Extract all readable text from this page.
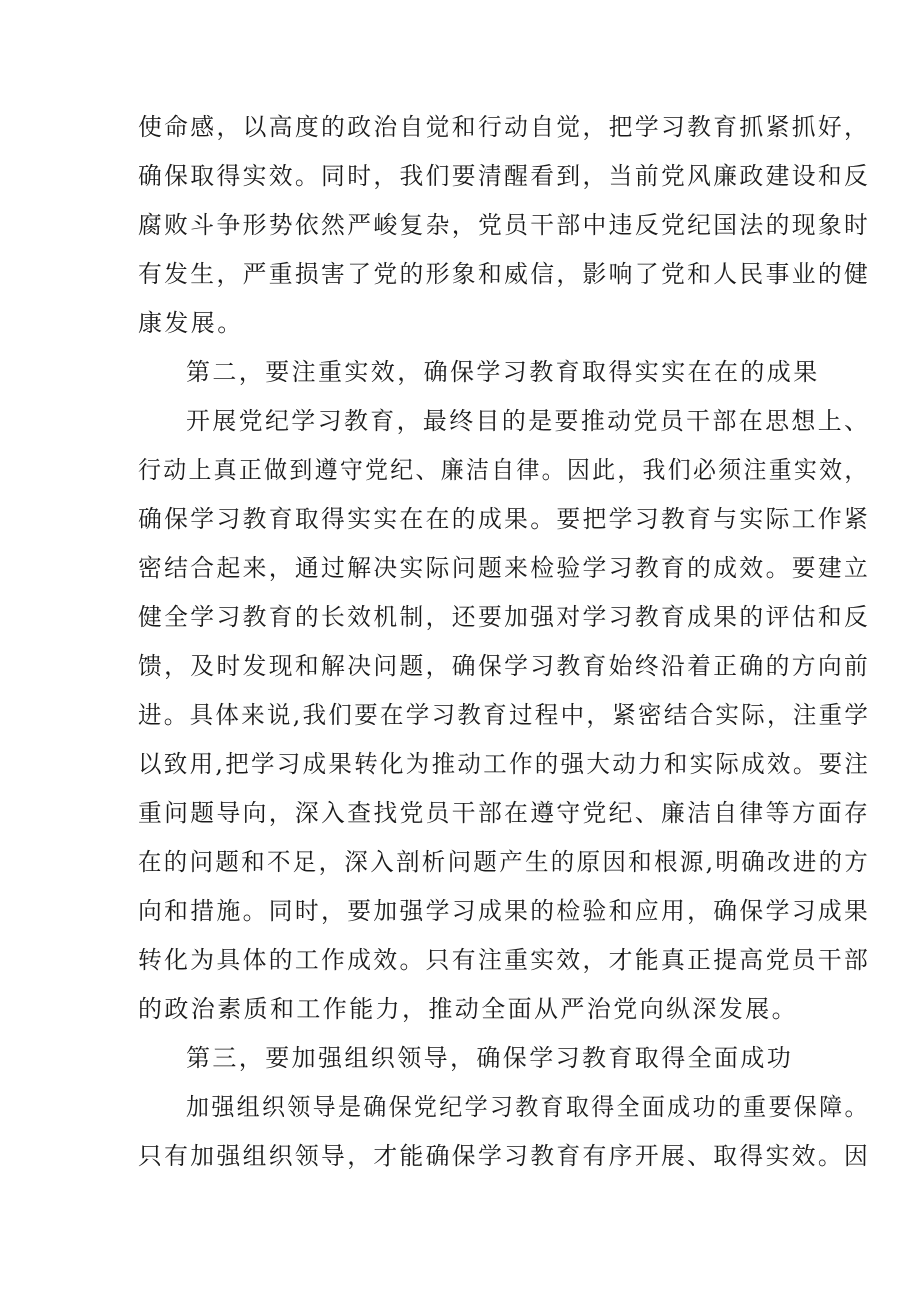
使命感，以高度的政治自觉和行动自觉，把学习教育抓紧抓好，
确保取得实效。同时，我们要清醒看到，当前党风廉政建设和反
腐败斗争形势依然严峻复杂，党员干部中违反党纪国法的现象时
有发生，严重损害了党的形象和威信，影响了党和人民事业的健
康发展。
第二，要注重实效，确保学习教育取得实实在在的成果
开展党纪学习教育，最终目的是要推动党员干部在思想上、
行动上真正做到遵守党纪、廉洁自律。因此，我们必须注重实效，
确保学习教育取得实实在在的成果。要把学习教育与实际工作紧
密结合起来，通过解决实际问题来检验学习教育的成效。要建立
健全学习教育的长效机制，还要加强对学习教育成果的评估和反
馈，及时发现和解决问题，确保学习教育始终沿着正确的方向前
进。具体来说,我们要在学习教育过程中，紧密结合实际，注重学
以致用,把学习成果转化为推动工作的强大动力和实际成效。要注
重问题导向，深入查找党员干部在遵守党纪、廉洁自律等方面存
在的问题和不足，深入剖析问题产生的原因和根源,明确改进的方
向和措施。同时，要加强学习成果的检验和应用，确保学习成果
转化为具体的工作成效。只有注重实效，才能真正提高党员干部
的政治素质和工作能力，推动全面从严治党向纵深发展。
第三，要加强组织领导，确保学习教育取得全面成功
加强组织领导是确保党纪学习教育取得全面成功的重要保障。
只有加强组织领导，才能确保学习教育有序开展、取得实效。因
